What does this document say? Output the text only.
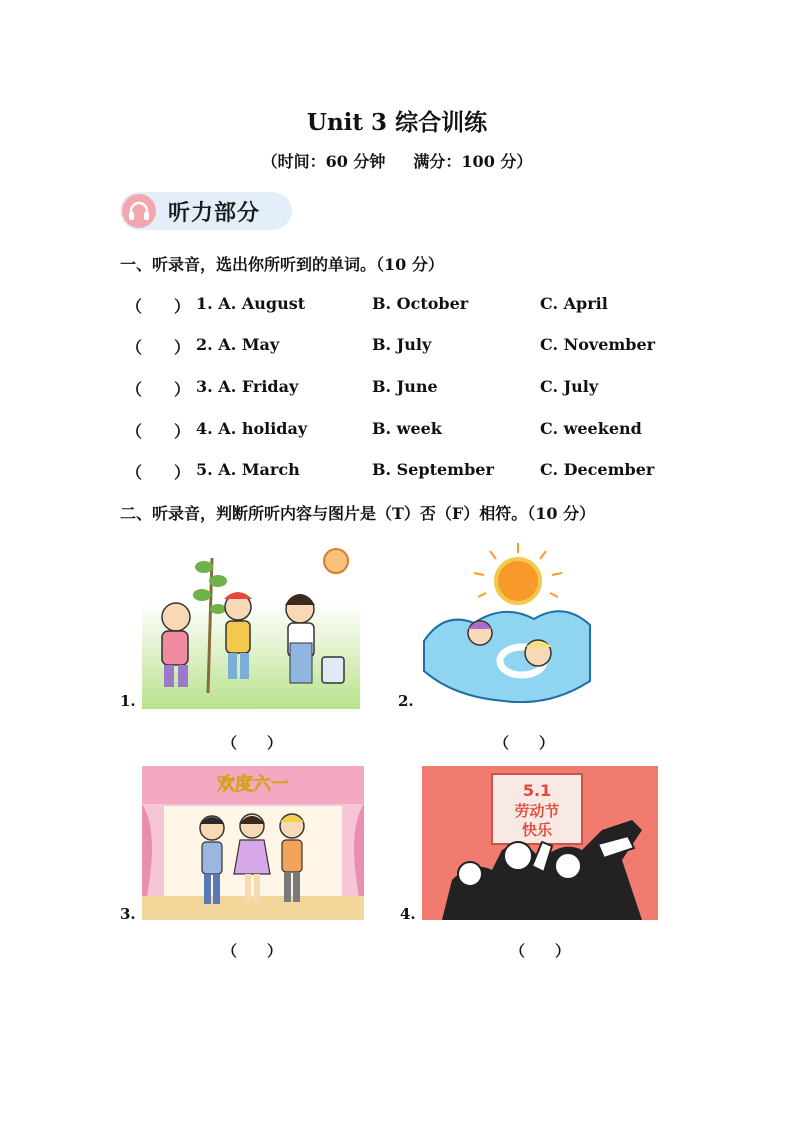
Unit 3 综合训练
（时间：60 分钟 满分：100 分）
听力部分
一、听录音，选出你所听到的单词。（10 分）
（　　） 1. A. August	B. October	C. April
（　　） 2. A. May	B. July	C. November
（　　） 3. A. Friday	B. June	C. July
（　　） 4. A. holiday	B. week	C. weekend
（　　） 5. A. March	B. September	C. December
二、听录音，判断所听内容与图片是（T）否（F）相符。（10 分）
1.
（　　）
2.
（　　）
3.
欢度六一
（　　）
4.
5.1
劳动节
快乐
（　　）
